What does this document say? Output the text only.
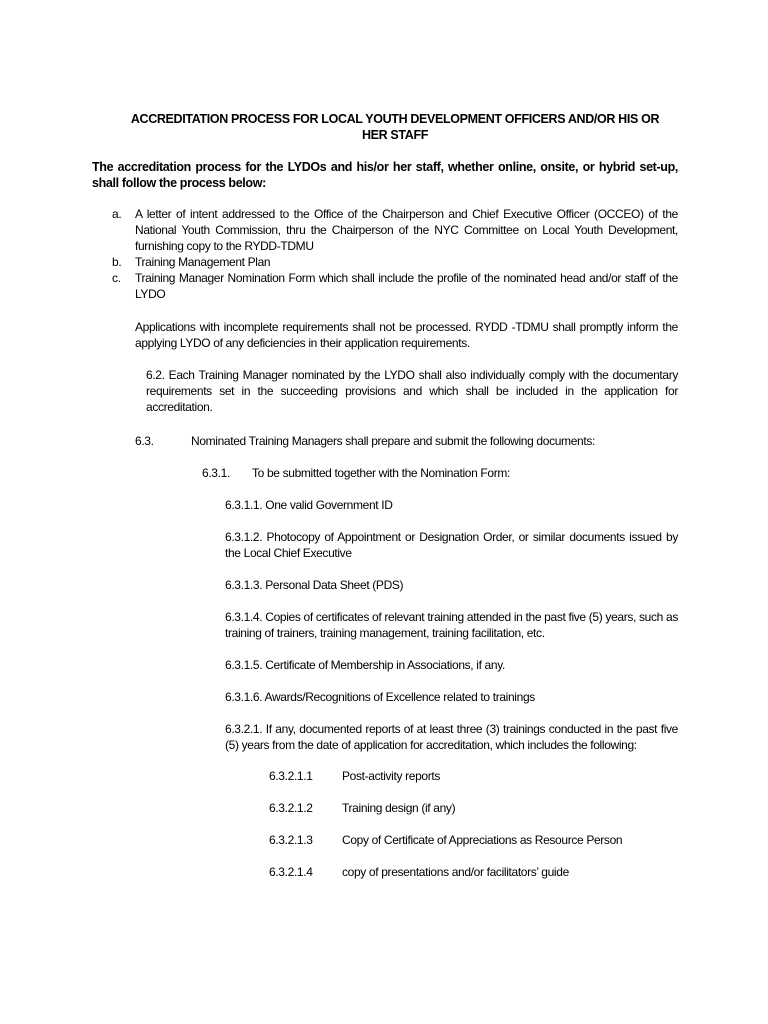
ACCREDITATION PROCESS FOR LOCAL YOUTH DEVELOPMENT OFFICERS AND/OR HIS OR HER STAFF
The accreditation process for the LYDOs and his/or her staff, whether online, onsite, or hybrid set-up, shall follow the process below:
a.	A letter of intent addressed to the Office of the Chairperson and Chief Executive Officer (OCCEO) of the National Youth Commission, thru the Chairperson of the NYC Committee on Local Youth Development, furnishing copy to the RYDD-TDMU
b.	Training Management Plan
c.	Training Manager Nomination Form which shall include the profile of the nominated head and/or staff of the LYDO
Applications with incomplete requirements shall not be processed. RYDD -TDMU shall promptly inform the applying LYDO of any deficiencies in their application requirements.
6.2. Each Training Manager nominated by the LYDO shall also individually comply with the documentary requirements set in the succeeding provisions and which shall be included in the application for accreditation.
6.3.	Nominated Training Managers shall prepare and submit the following documents:
6.3.1. To be submitted together with the Nomination Form:
6.3.1.1. One valid Government ID
6.3.1.2. Photocopy of Appointment or Designation Order, or similar documents issued by the Local Chief Executive
6.3.1.3. Personal Data Sheet (PDS)
6.3.1.4. Copies of certificates of relevant training attended in the past five (5) years, such as training of trainers, training management, training facilitation, etc.
6.3.1.5. Certificate of Membership in Associations, if any.
6.3.1.6. Awards/Recognitions of Excellence related to trainings
6.3.2.1. If any, documented reports of at least three (3) trainings conducted in the past five (5) years from the date of application for accreditation, which includes the following:
6.3.2.1.1 Post-activity reports
6.3.2.1.2 Training design (if any)
6.3.2.1.3 Copy of Certificate of Appreciations as Resource Person
6.3.2.1.4 copy of presentations and/or facilitators’ guide
